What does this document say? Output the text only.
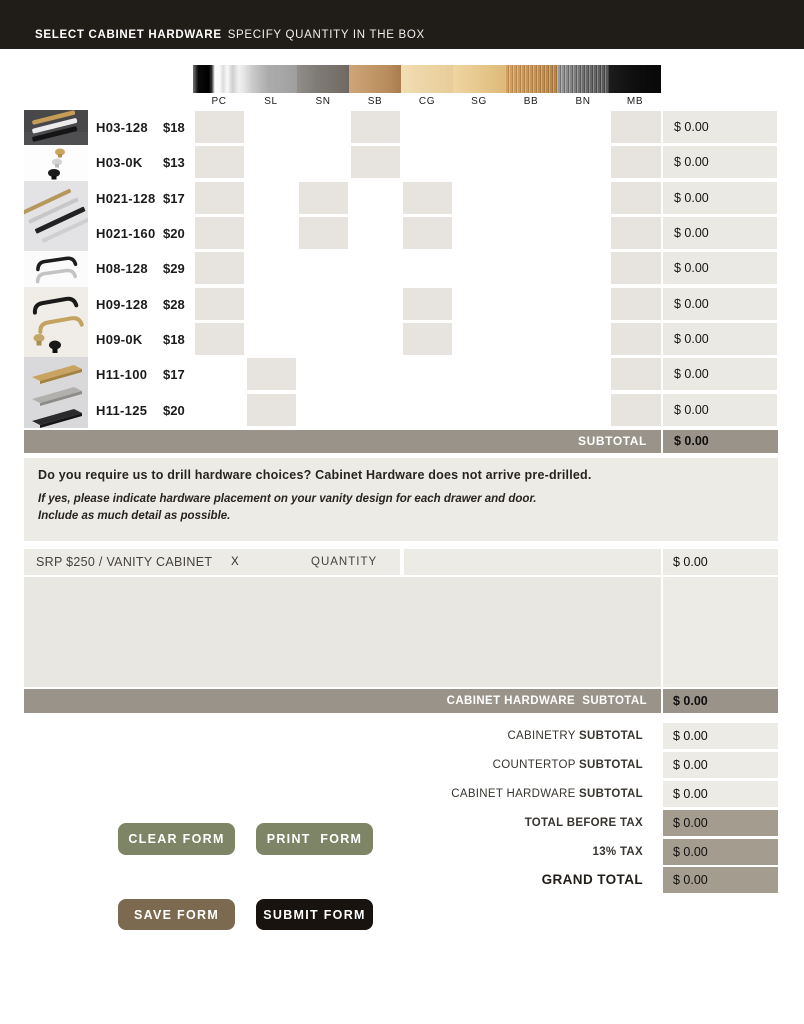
SELECT CABINET HARDWARE SPECIFY QUANTITY IN THE BOX
PC	SL	SN	SB	CG	SG	BB	BN	MB
H03-128 $18	$ 0.00
H03-0K $13	$ 0.00
H021-128 $17	$ 0.00
H021-160 $20	$ 0.00
H08-128 $29	$ 0.00
H09-128 $28	$ 0.00
H09-0K $18	$ 0.00
H11-100 $17	$ 0.00
H11-125 $20	$ 0.00
SUBTOTAL	$ 0.00

Do you require us to drill hardware choices? Cabinet Hardware does not arrive pre-drilled.

If yes, please indicate hardware placement on your vanity design for each drawer and door.
Include as much detail as possible.

SRP $250 / VANITY CABINET X	QUANTITY	$ 0.00
CABINET HARDWARE  SUBTOTAL	$ 0.00
CABINETRY SUBTOTAL	$ 0.00
COUNTERTOP SUBTOTAL	$ 0.00
CABINET HARDWARE SUBTOTAL	$ 0.00
TOTAL BEFORE TAX	$ 0.00
13% TAX	$ 0.00
GRAND TOTAL	$ 0.00
CLEAR FORM	PRINT  FORM
SAVE FORM	SUBMIT FORM
